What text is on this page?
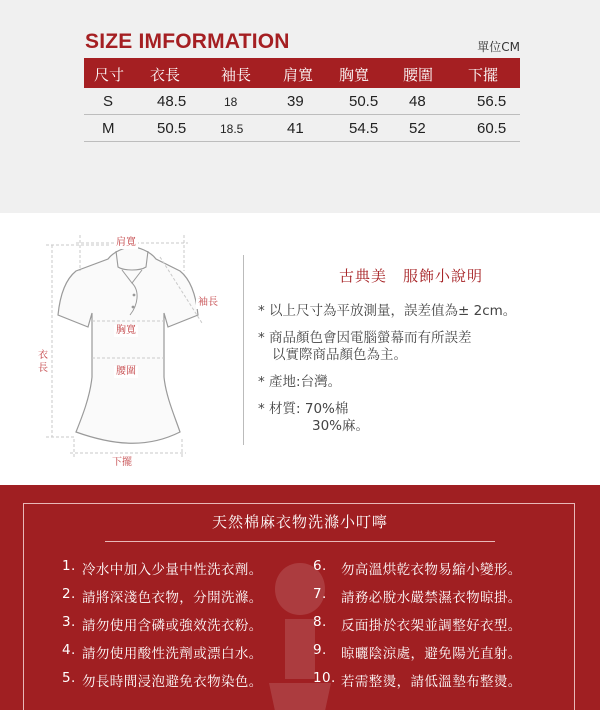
SIZE IMFORMATION	單位CM
尺寸 衣長	袖長 肩寬 胸寬 腰圍 下擺
S	48.5	18	39	50.5 48	56.5
M	50.5	18.5	41	54.5 52	60.5
肩寬
袖長
胸寬
衣長	腰圍
下擺
古典美　服飾小說明
* 以上尺寸為平放測量，誤差值為± 2cm。
* 商品顏色會因電腦螢幕而有所誤差
以實際商品顏色為主。
* 產地:台灣。
* 材質: 70%棉
30%麻。
天然棉麻衣物洗滌小叮嚀
1. 冷水中加入少量中性洗衣劑。
2. 請將深淺色衣物，分開洗滌。
3. 請勿使用含磷或強效洗衣粉。
4. 請勿使用酸性洗劑或漂白水。
5. 勿長時間浸泡避免衣物染色。
6. 勿高溫烘乾衣物易縮小變形。
7. 請務必脫水嚴禁濕衣物晾掛。
8. 反面掛於衣架並調整好衣型。
9. 晾曬陰涼處，避免陽光直射。
10. 若需整燙，請低溫墊布整燙。
